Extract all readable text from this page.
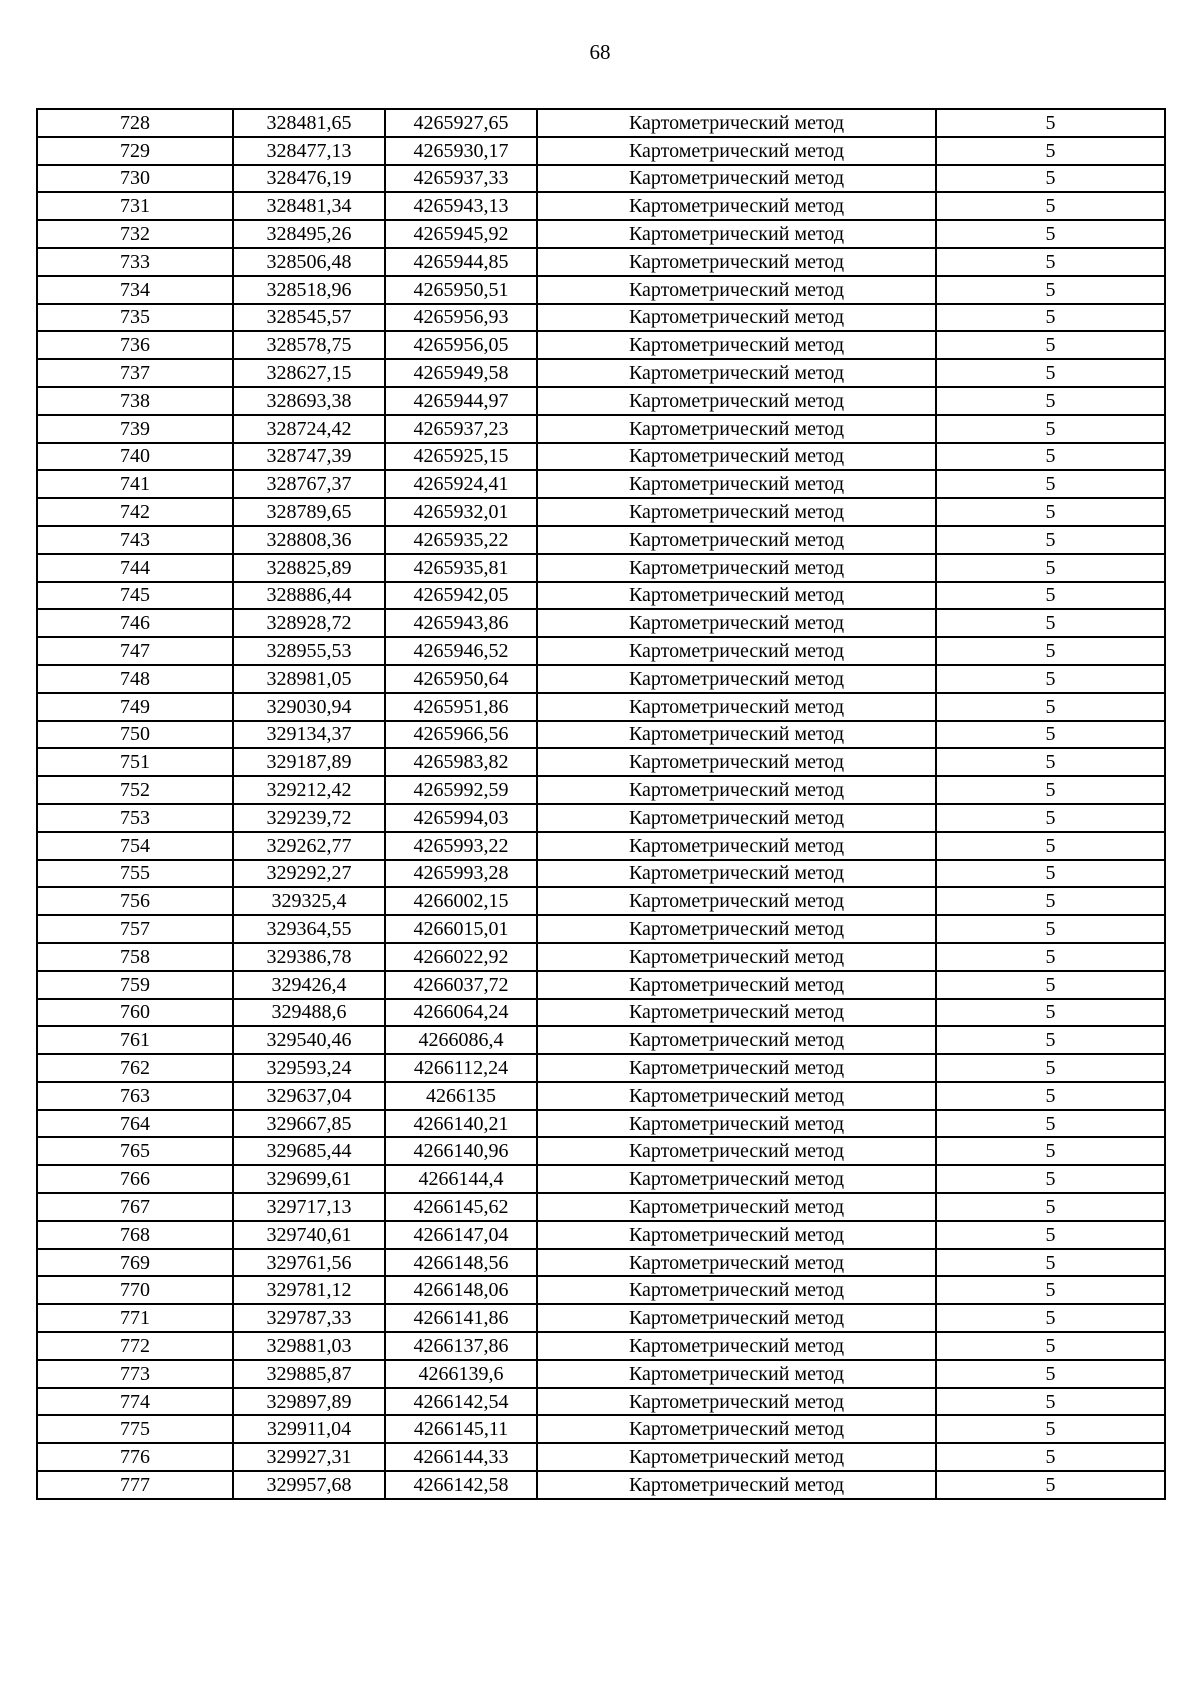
68
728	328481,65	4265927,65	Картометрический метод	5
729	328477,13	4265930,17	Картометрический метод	5
730	328476,19	4265937,33	Картометрический метод	5
731	328481,34	4265943,13	Картометрический метод	5
732	328495,26	4265945,92	Картометрический метод	5
733	328506,48	4265944,85	Картометрический метод	5
734	328518,96	4265950,51	Картометрический метод	5
735	328545,57	4265956,93	Картометрический метод	5
736	328578,75	4265956,05	Картометрический метод	5
737	328627,15	4265949,58	Картометрический метод	5
738	328693,38	4265944,97	Картометрический метод	5
739	328724,42	4265937,23	Картометрический метод	5
740	328747,39	4265925,15	Картометрический метод	5
741	328767,37	4265924,41	Картометрический метод	5
742	328789,65	4265932,01	Картометрический метод	5
743	328808,36	4265935,22	Картометрический метод	5
744	328825,89	4265935,81	Картометрический метод	5
745	328886,44	4265942,05	Картометрический метод	5
746	328928,72	4265943,86	Картометрический метод	5
747	328955,53	4265946,52	Картометрический метод	5
748	328981,05	4265950,64	Картометрический метод	5
749	329030,94	4265951,86	Картометрический метод	5
750	329134,37	4265966,56	Картометрический метод	5
751	329187,89	4265983,82	Картометрический метод	5
752	329212,42	4265992,59	Картометрический метод	5
753	329239,72	4265994,03	Картометрический метод	5
754	329262,77	4265993,22	Картометрический метод	5
755	329292,27	4265993,28	Картометрический метод	5
756	329325,4	4266002,15	Картометрический метод	5
757	329364,55	4266015,01	Картометрический метод	5
758	329386,78	4266022,92	Картометрический метод	5
759	329426,4	4266037,72	Картометрический метод	5
760	329488,6	4266064,24	Картометрический метод	5
761	329540,46	4266086,4	Картометрический метод	5
762	329593,24	4266112,24	Картометрический метод	5
763	329637,04	4266135	Картометрический метод	5
764	329667,85	4266140,21	Картометрический метод	5
765	329685,44	4266140,96	Картометрический метод	5
766	329699,61	4266144,4	Картометрический метод	5
767	329717,13	4266145,62	Картометрический метод	5
768	329740,61	4266147,04	Картометрический метод	5
769	329761,56	4266148,56	Картометрический метод	5
770	329781,12	4266148,06	Картометрический метод	5
771	329787,33	4266141,86	Картометрический метод	5
772	329881,03	4266137,86	Картометрический метод	5
773	329885,87	4266139,6	Картометрический метод	5
774	329897,89	4266142,54	Картометрический метод	5
775	329911,04	4266145,11	Картометрический метод	5
776	329927,31	4266144,33	Картометрический метод	5
777	329957,68	4266142,58	Картометрический метод	5
